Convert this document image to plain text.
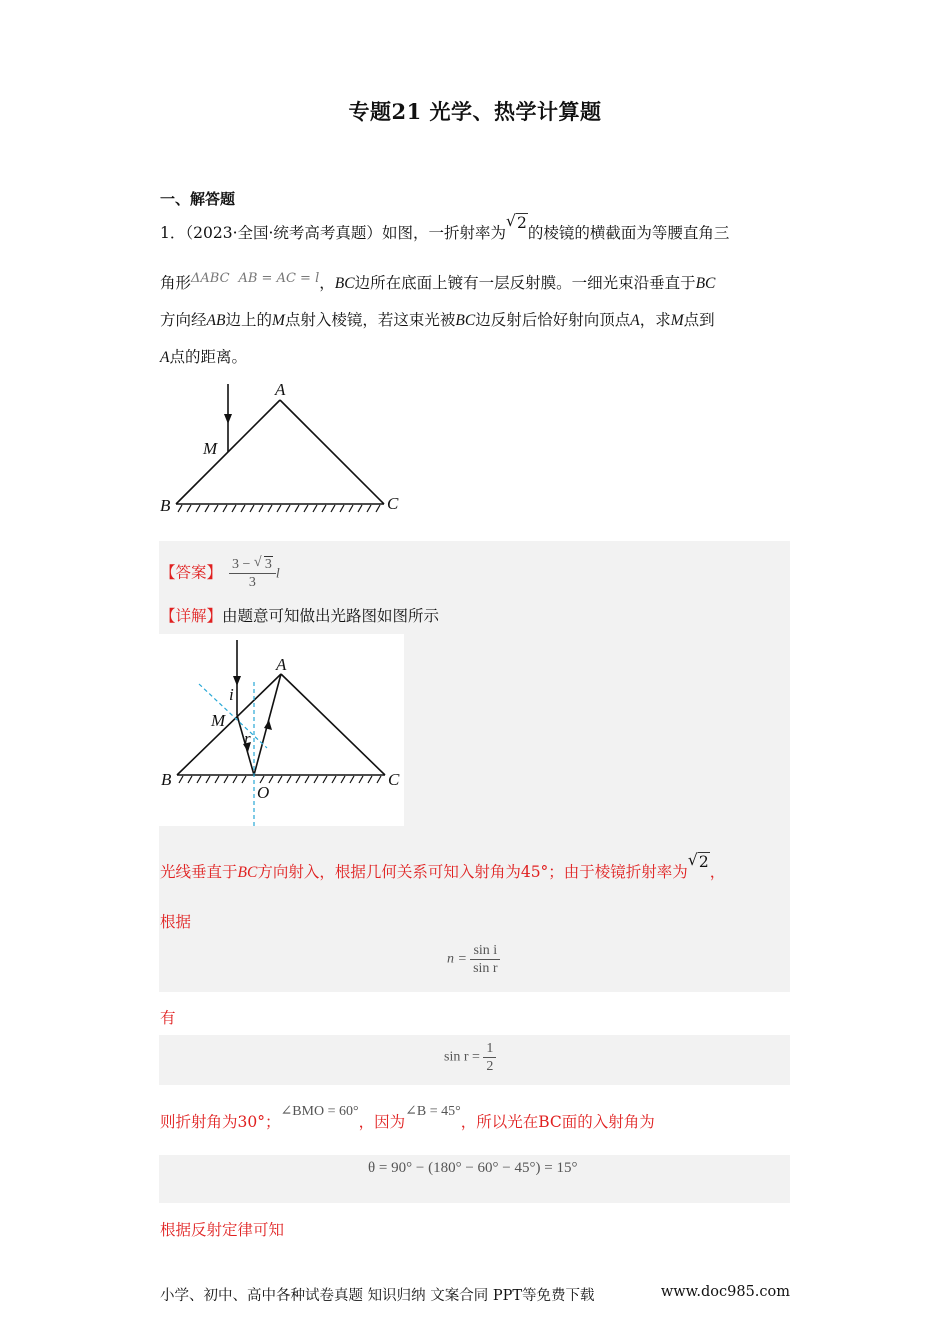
专题21 光学、热学计算题
一、解答题
1．（2023·全国·统考高考真题）如图，一折射率为
√ 2的棱镜的横截面为等腰直角三
角形$^{\Delta ABC}$ $^{AB = AC = l}$，BC边所在底面上镀有一层反射膜。一细光束沿垂直于BC
方向经AB边上的M点射入棱镜，若这束光被BC边反射后恰好射向顶点A，求M点到
A点的距离。
A
B	C
M
【答案】 $\frac{3 - √ 3}{3}$ l
【详解】由题意可知做出光路图如图所示
A
B	C
M
O
i
r
光线垂直于BC方向射入，根据几何关系可知入射角为45°；由于棱镜折射率为
√ 2，
根据
$n = \frac{\text{sin i}}{\text{sin r}}$
有
$\sin r = \frac{1}{2}$
则折射角为30°；∠BMO = 60°，因为∠B = 45°，所以光在BC面的入射角为
θ = 90° − (180° − 60° − 45°) = 15°
根据反射定律可知
小学、初中、高中各种试卷真题 知识归纳 文案合同 PPT等免费下载	www.doc985.com
